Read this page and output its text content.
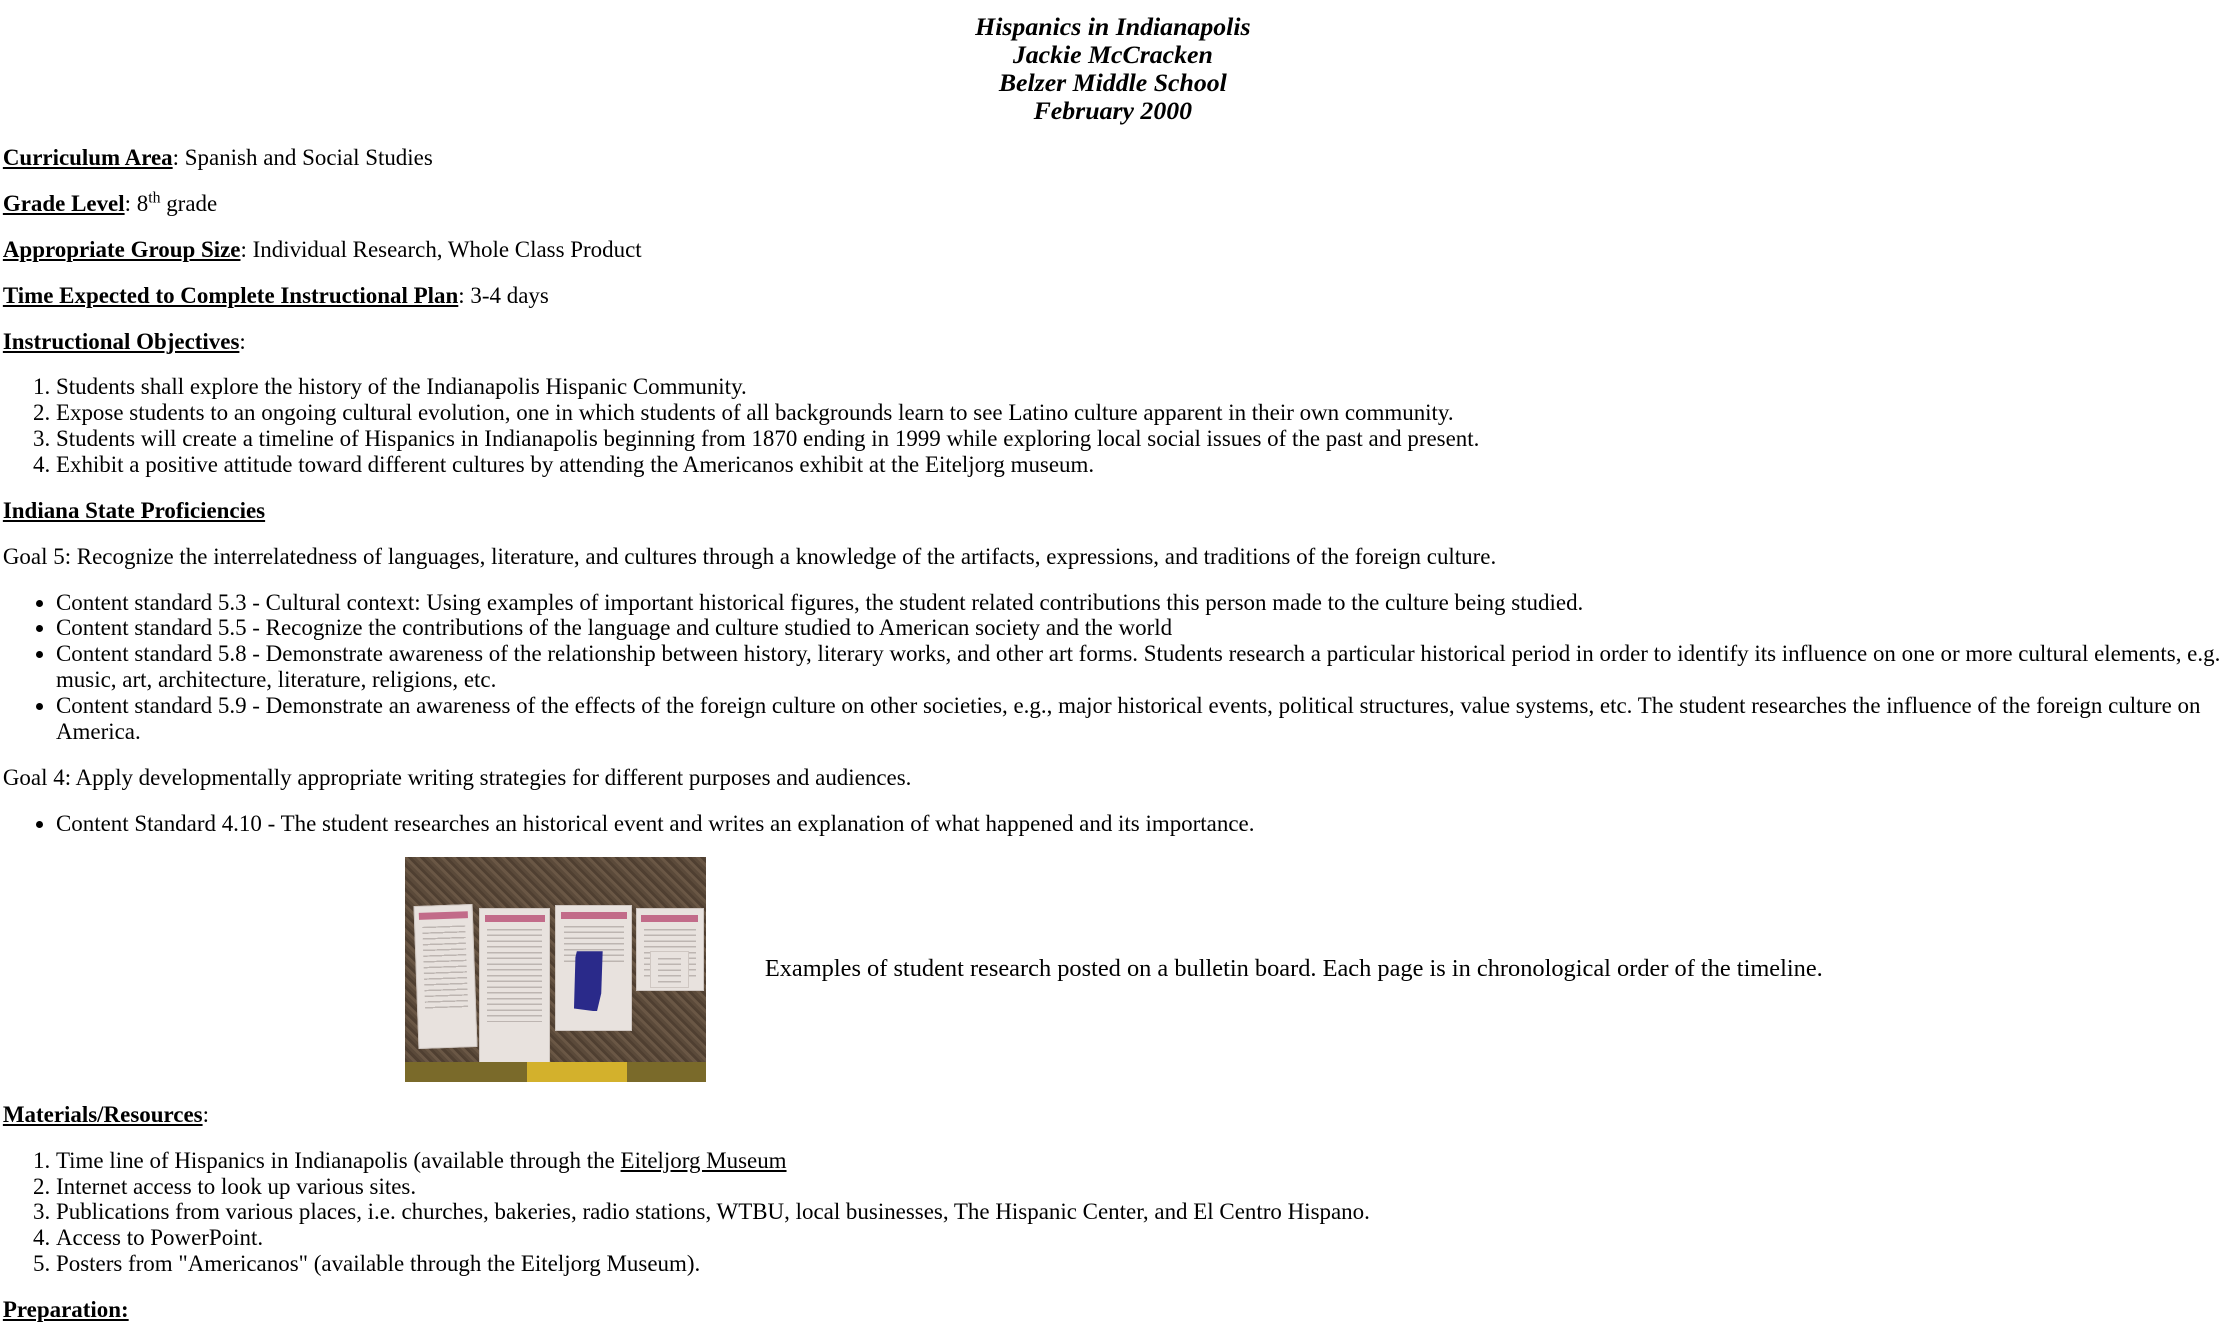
Hispanics in Indianapolis
Jackie McCracken
Belzer Middle School
February 2000

Curriculum Area: Spanish and Social Studies

Grade Level: 8th grade

Appropriate Group Size: Individual Research, Whole Class Product

Time Expected to Complete Instructional Plan: 3-4 days

Instructional Objectives:

1. Students shall explore the history of the Indianapolis Hispanic Community.
2. Expose students to an ongoing cultural evolution, one in which students of all backgrounds learn to see Latino culture apparent in their own community.
3. Students will create a timeline of Hispanics in Indianapolis beginning from 1870 ending in 1999 while exploring local social issues of the past and present.
4. Exhibit a positive attitude toward different cultures by attending the Americanos exhibit at the Eiteljorg museum.

Indiana State Proficiencies

Goal 5: Recognize the interrelatedness of languages, literature, and cultures through a knowledge of the artifacts, expressions, and traditions of the foreign culture.

• Content standard 5.3 - Cultural context: Using examples of important historical figures, the student related contributions this person made to the culture being studied.
• Content standard 5.5 - Recognize the contributions of the language and culture studied to American society and the world
• Content standard 5.8 - Demonstrate awareness of the relationship between history, literary works, and other art forms. Students research a particular historical period in order to identify its influence on one or more cultural elements, e.g. music, art, architecture, literature, religions, etc.
• Content standard 5.9 - Demonstrate an awareness of the effects of the foreign culture on other societies, e.g., major historical events, political structures, value systems, etc. The student researches the influence of the foreign culture on America.

Goal 4: Apply developmentally appropriate writing strategies for different purposes and audiences.

• Content Standard 4.10 - The student researches an historical event and writes an explanation of what happened and its importance.
Examples of student research posted on a bulletin board. Each page is in chronological order of the timeline.

Materials/Resources:

1. Time line of Hispanics in Indianapolis (available through the Eiteljorg Museum
2. Internet access to look up various sites.
3. Publications from various places, i.e. churches, bakeries, radio stations, WTBU, local businesses, The Hispanic Center, and El Centro Hispano.
4. Access to PowerPoint.
5. Posters from "Americanos" (available through the Eiteljorg Museum).

Preparation:
